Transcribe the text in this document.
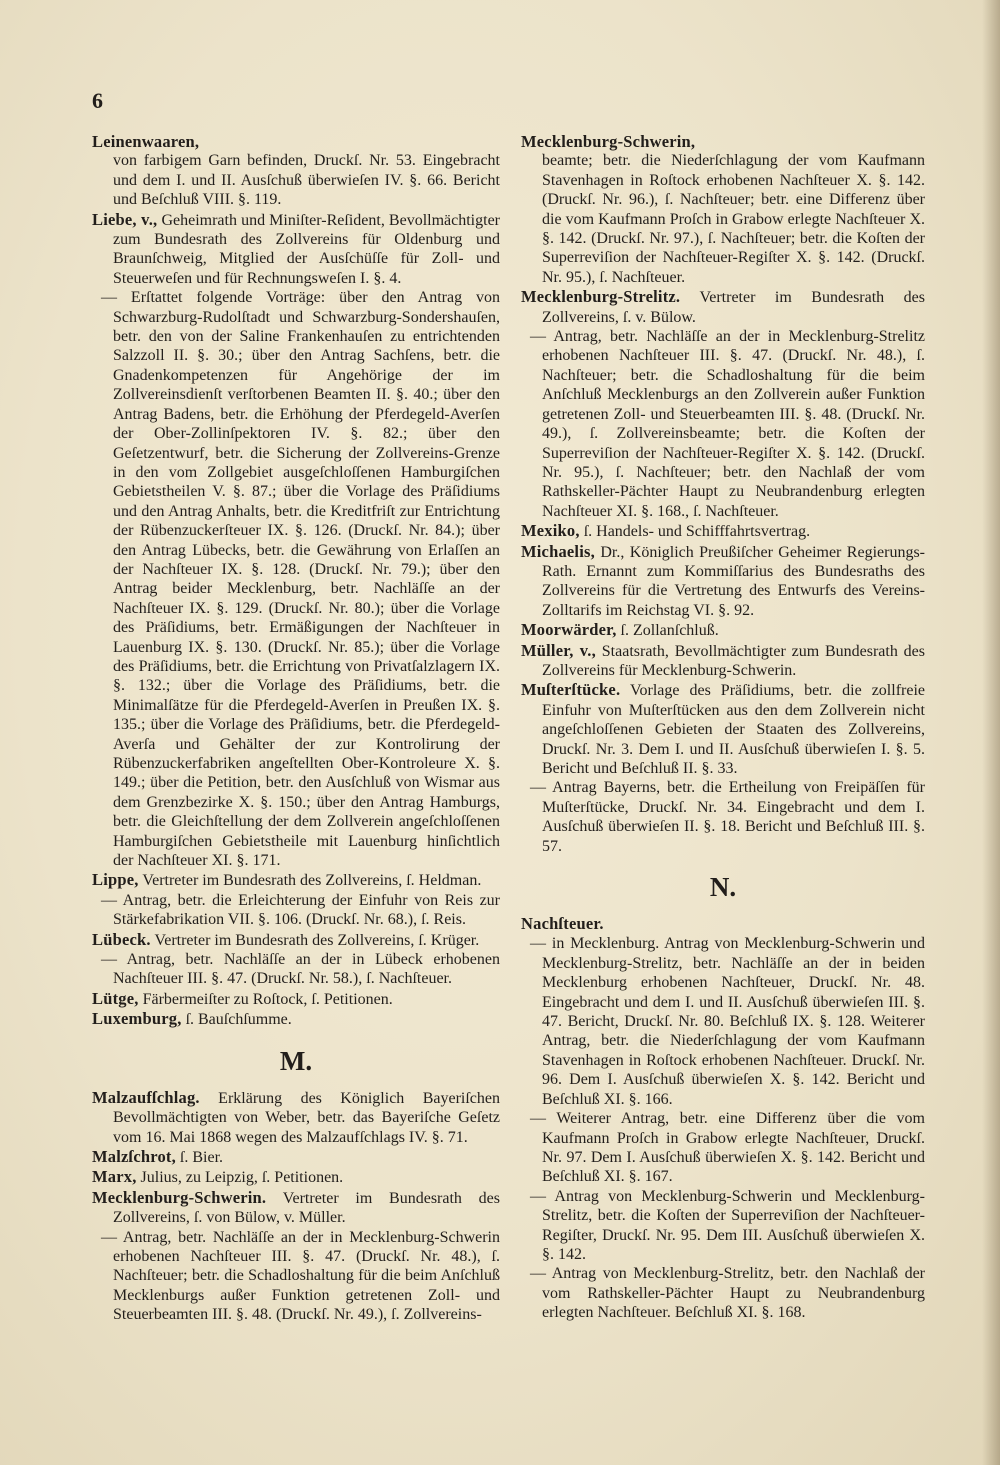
6

Leinenwaaren,
von farbigem Garn befinden, Druckſ. Nr. 53. Eingebracht und dem I. und II. Ausſchuß überwieſen IV. §. 66. Bericht und Beſchluß VIII. §. 119.

Liebe, v., Geheimrath und Miniſter-Reſident, Bevollmächtigter zum Bundesrath des Zollvereins für Oldenburg und Braunſchweig, Mitglied der Ausſchüſſe für Zoll- und Steuerweſen und für Rechnungsweſen I. §. 4.

— Erſtattet folgende Vorträge: über den Antrag von Schwarzburg-Rudolſtadt und Schwarzburg-Sondershauſen, betr. den von der Saline Frankenhauſen zu entrichtenden Salzzoll II. §. 30.; über den Antrag Sachſens, betr. die Gnadenkompetenzen für Angehörige der im Zollvereinsdienſt verſtorbenen Beamten II. §. 40.; über den Antrag Badens, betr. die Erhöhung der Pferdegeld-Averſen der Ober-Zollinſpektoren IV. §. 82.; über den Geſetzentwurf, betr. die Sicherung der Zollvereins-Grenze in den vom Zollgebiet ausgeſchloſſenen Hamburgiſchen Gebietstheilen V. §. 87.; über die Vorlage des Präſidiums und den Antrag Anhalts, betr. die Kreditfriſt zur Entrichtung der Rübenzuckerſteuer IX. §. 126. (Druckſ. Nr. 84.); über den Antrag Lübecks, betr. die Gewährung von Erlaſſen an der Nachſteuer IX. §. 128. (Druckſ. Nr. 79.); über den Antrag beider Mecklenburg, betr. Nachläſſe an der Nachſteuer IX. §. 129. (Druckſ. Nr. 80.); über die Vorlage des Präſidiums, betr. Ermäßigungen der Nachſteuer in Lauenburg IX. §. 130. (Druckſ. Nr. 85.); über die Vorlage des Präſidiums, betr. die Errichtung von Privatſalzlagern IX. §. 132.; über die Vorlage des Präſidiums, betr. die Minimalſätze für die Pferdegeld-Averſen in Preußen IX. §. 135.; über die Vorlage des Präſidiums, betr. die Pferdegeld-Averſa und Gehälter der zur Kontrolirung der Rübenzuckerfabriken angeſtellten Ober-Kontroleure X. §. 149.; über die Petition, betr. den Ausſchluß von Wismar aus dem Grenzbezirke X. §. 150.; über den Antrag Hamburgs, betr. die Gleichſtellung der dem Zollverein angeſchloſſenen Hamburgiſchen Gebietstheile mit Lauenburg hinſichtlich der Nachſteuer XI. §. 171.

Lippe, Vertreter im Bundesrath des Zollvereins, ſ. Heldman.

— Antrag, betr. die Erleichterung der Einfuhr von Reis zur Stärkefabrikation VII. §. 106. (Druckſ. Nr. 68.), ſ. Reis.

Lübeck. Vertreter im Bundesrath des Zollvereins, ſ. Krüger.

— Antrag, betr. Nachläſſe an der in Lübeck erhobenen Nachſteuer III. §. 47. (Druckſ. Nr. 58.), ſ. Nachſteuer.

Lütge, Färbermeiſter zu Roſtock, ſ. Petitionen.

Luxemburg, ſ. Bauſchſumme.

M.

Malzaufſchlag. Erklärung des Königlich Bayeriſchen Bevollmächtigten von Weber, betr. das Bayeriſche Geſetz vom 16. Mai 1868 wegen des Malzaufſchlags IV. §. 71.

Malzſchrot, ſ. Bier.

Marx, Julius, zu Leipzig, ſ. Petitionen.

Mecklenburg-Schwerin. Vertreter im Bundesrath des Zollvereins, ſ. von Bülow, v. Müller.

— Antrag, betr. Nachläſſe an der in Mecklenburg-Schwerin erhobenen Nachſteuer III. §. 47. (Druckſ. Nr. 48.), ſ. Nachſteuer; betr. die Schadloshaltung für die beim Anſchluß Mecklenburgs außer Funktion getretenen Zoll- und Steuerbeamten III. §. 48. (Druckſ. Nr. 49.), ſ. Zollvereins-

Mecklenburg-Schwerin,
beamte; betr. die Niederſchlagung der vom Kaufmann Stavenhagen in Roſtock erhobenen Nachſteuer X. §. 142. (Druckſ. Nr. 96.), ſ. Nachſteuer; betr. eine Differenz über die vom Kaufmann Proſch in Grabow erlegte Nachſteuer X. §. 142. (Druckſ. Nr. 97.), ſ. Nachſteuer; betr. die Koſten der Superreviſion der Nachſteuer-Regiſter X. §. 142. (Druckſ. Nr. 95.), ſ. Nachſteuer.

Mecklenburg-Strelitz. Vertreter im Bundesrath des Zollvereins, ſ. v. Bülow.

— Antrag, betr. Nachläſſe an der in Mecklenburg-Strelitz erhobenen Nachſteuer III. §. 47. (Druckſ. Nr. 48.), ſ. Nachſteuer; betr. die Schadloshaltung für die beim Anſchluß Mecklenburgs an den Zollverein außer Funktion getretenen Zoll- und Steuerbeamten III. §. 48. (Druckſ. Nr. 49.), ſ. Zollvereinsbeamte; betr. die Koſten der Superreviſion der Nachſteuer-Regiſter X. §. 142. (Druckſ. Nr. 95.), ſ. Nachſteuer; betr. den Nachlaß der vom Rathskeller-Pächter Haupt zu Neubrandenburg erlegten Nachſteuer XI. §. 168., ſ. Nachſteuer.

Mexiko, ſ. Handels- und Schifffahrtsvertrag.

Michaelis, Dr., Königlich Preußiſcher Geheimer Regierungs-Rath. Ernannt zum Kommiſſarius des Bundesraths des Zollvereins für die Vertretung des Entwurfs des Vereins-Zolltarifs im Reichstag VI. §. 92.

Moorwärder, ſ. Zollanſchluß.

Müller, v., Staatsrath, Bevollmächtigter zum Bundesrath des Zollvereins für Mecklenburg-Schwerin.

Muſterſtücke. Vorlage des Präſidiums, betr. die zollfreie Einfuhr von Muſterſtücken aus den dem Zollverein nicht angeſchloſſenen Gebieten der Staaten des Zollvereins, Druckſ. Nr. 3. Dem I. und II. Ausſchuß überwieſen I. §. 5. Bericht und Beſchluß II. §. 33.

— Antrag Bayerns, betr. die Ertheilung von Freipäſſen für Muſterſtücke, Druckſ. Nr. 34. Eingebracht und dem I. Ausſchuß überwieſen II. §. 18. Bericht und Beſchluß III. §. 57.

N.

Nachſteuer.

— in Mecklenburg. Antrag von Mecklenburg-Schwerin und Mecklenburg-Strelitz, betr. Nachläſſe an der in beiden Mecklenburg erhobenen Nachſteuer, Druckſ. Nr. 48. Eingebracht und dem I. und II. Ausſchuß überwieſen III. §. 47. Bericht, Druckſ. Nr. 80. Beſchluß IX. §. 128. Weiterer Antrag, betr. die Niederſchlagung der vom Kaufmann Stavenhagen in Roſtock erhobenen Nachſteuer. Druckſ. Nr. 96. Dem I. Ausſchuß überwieſen X. §. 142. Bericht und Beſchluß XI. §. 166.

— Weiterer Antrag, betr. eine Differenz über die vom Kaufmann Proſch in Grabow erlegte Nachſteuer, Druckſ. Nr. 97. Dem I. Ausſchuß überwieſen X. §. 142. Bericht und Beſchluß XI. §. 167.

— Antrag von Mecklenburg-Schwerin und Mecklenburg-Strelitz, betr. die Koſten der Superreviſion der Nachſteuer-Regiſter, Druckſ. Nr. 95. Dem III. Ausſchuß überwieſen X. §. 142.

— Antrag von Mecklenburg-Strelitz, betr. den Nachlaß der vom Rathskeller-Pächter Haupt zu Neubrandenburg erlegten Nachſteuer. Beſchluß XI. §. 168.
